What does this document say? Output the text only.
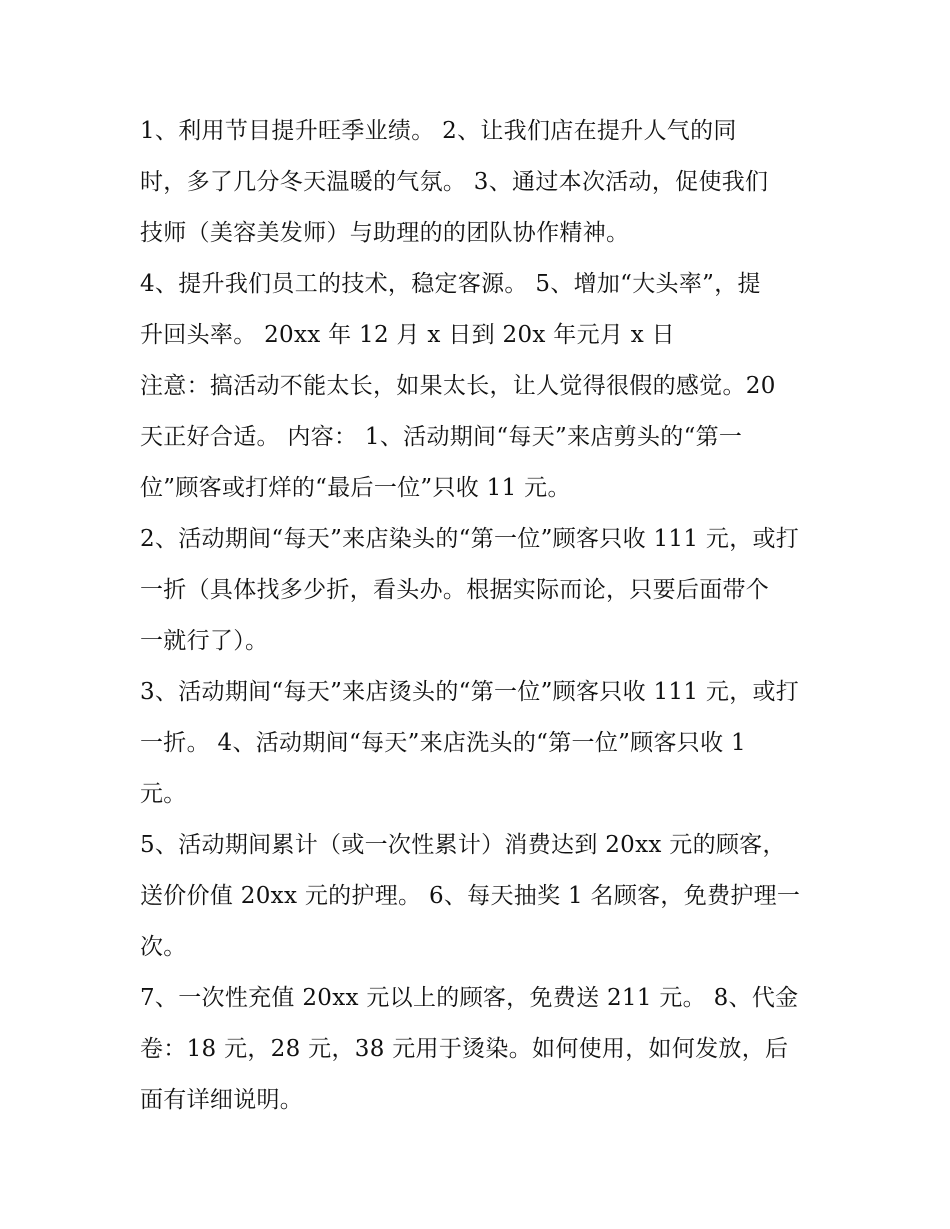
1、利用节目提升旺季业绩。 2、让我们店在提升人气的同
时，多了几分冬天温暖的气氛。 3、通过本次活动，促使我们
技师（美容美发师）与助理的的团队协作精神。
4、提升我们员工的技术，稳定客源。 5、增加“大头率”，提
升回头率。 20xx 年 12 月 x 日到 20x 年元月 x 日
注意：搞活动不能太长，如果太长，让人觉得很假的感觉。20
天正好合适。 内容： 1、活动期间“每天”来店剪头的“第一
位”顾客或打烊的“最后一位”只收 11 元。
2、活动期间“每天”来店染头的“第一位”顾客只收 111 元，或打
一折（具体找多少折，看头办。根据实际而论，只要后面带个
一就行了）。
3、活动期间“每天”来店烫头的“第一位”顾客只收 111 元，或打
一折。 4、活动期间“每天”来店洗头的“第一位”顾客只收 1
元。
5、活动期间累计（或一次性累计）消费达到 20xx 元的顾客，
送价价值 20xx 元的护理。 6、每天抽奖 1 名顾客，免费护理一
次。
7、一次性充值 20xx 元以上的顾客，免费送 211 元。 8、代金
卷：18 元，28 元，38 元用于烫染。如何使用，如何发放，后
面有详细说明。
